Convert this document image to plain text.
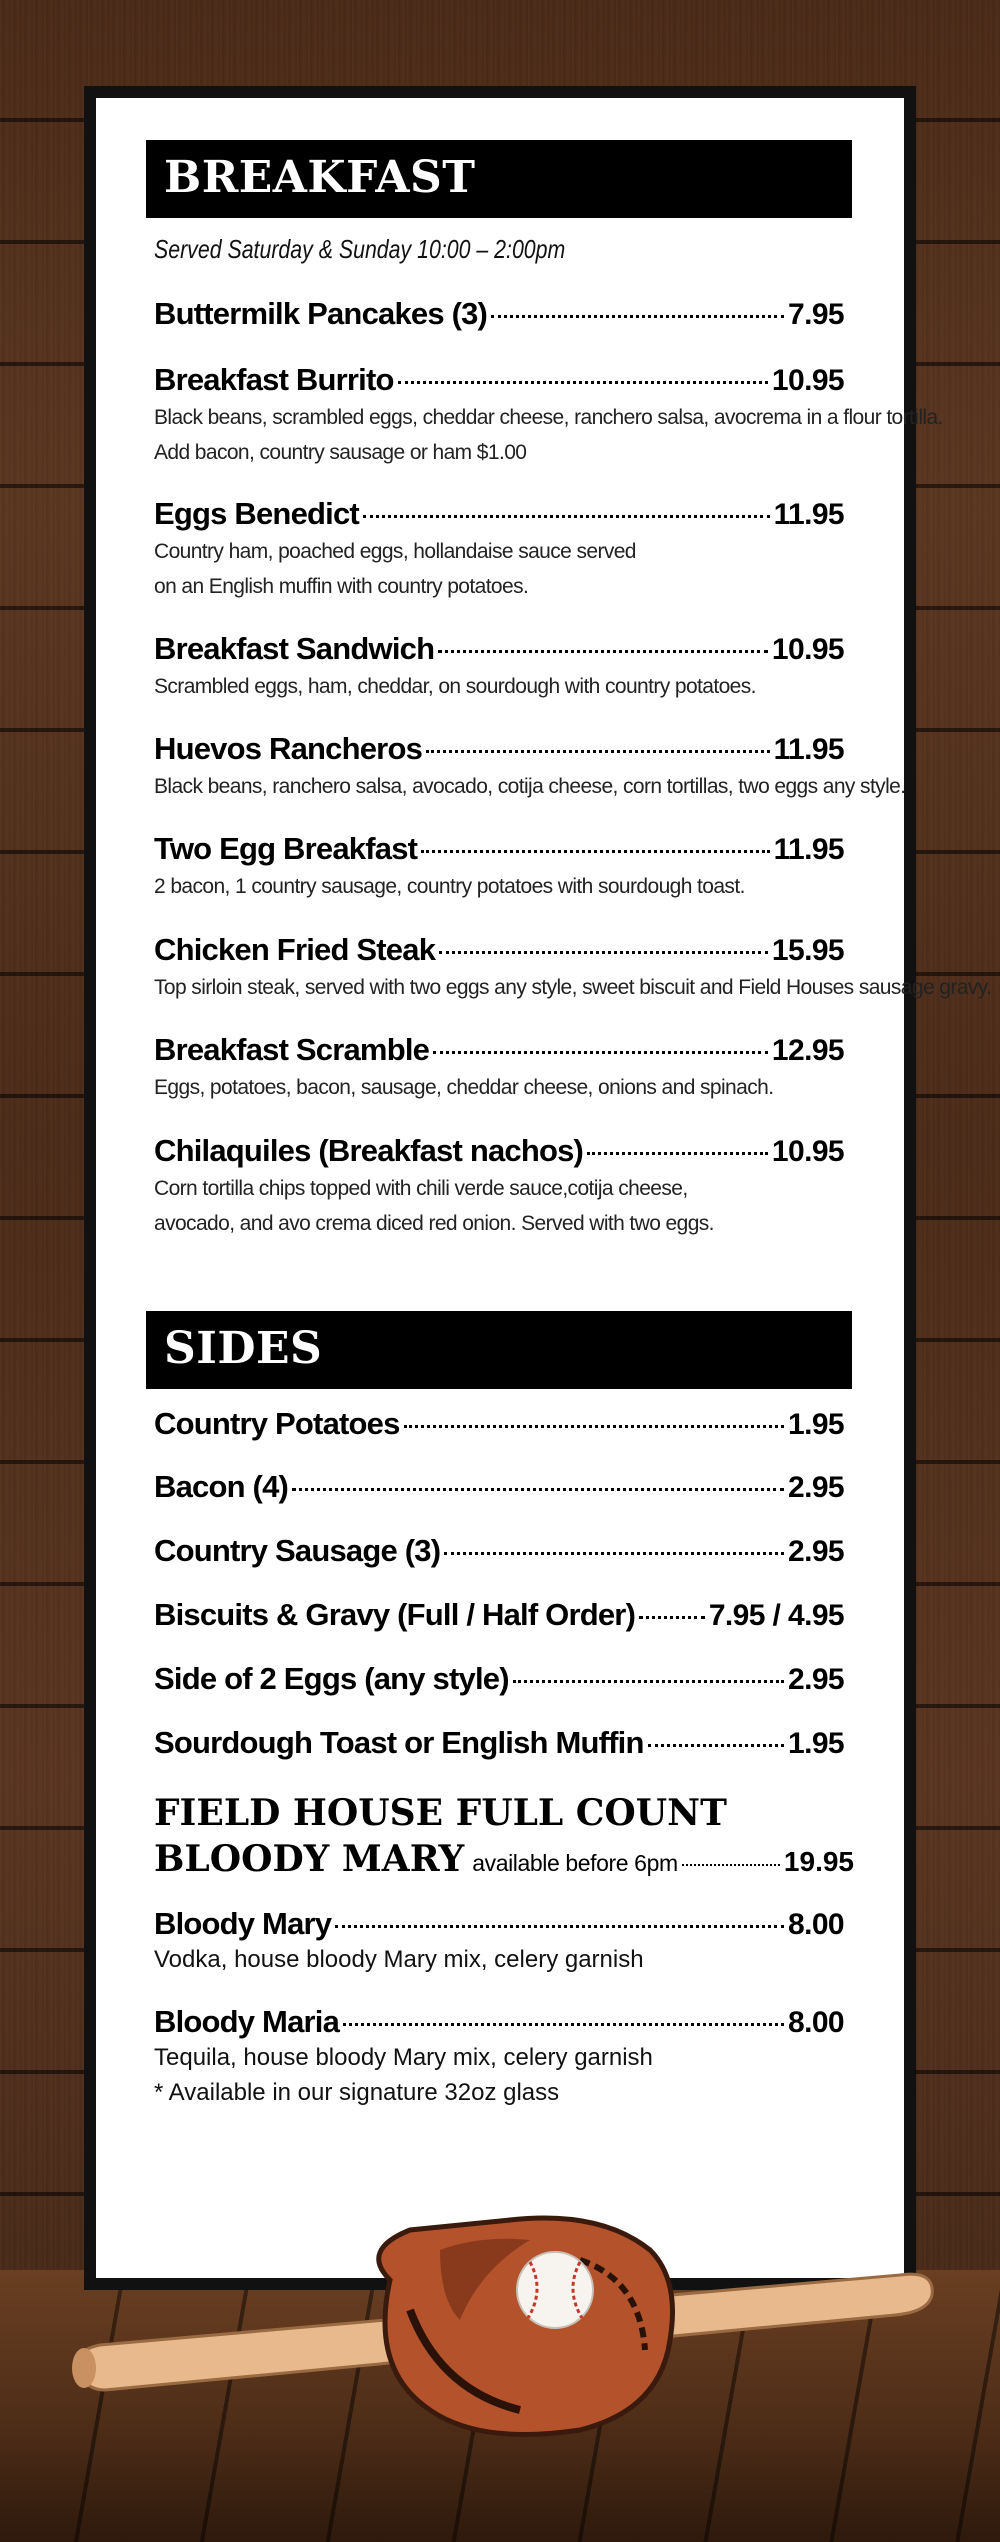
BREAKFAST
Served Saturday & Sunday 10:00 – 2:00pm
Buttermilk Pancakes (3)	7.95
Breakfast Burrito	10.95
Black beans, scrambled eggs, cheddar cheese, ranchero salsa, avocrema in a flour tortilla.
Add bacon, country sausage or ham $1.00
Eggs Benedict	11.95
Country ham, poached eggs, hollandaise sauce served
on an English muffin with country potatoes.
Breakfast Sandwich	10.95
Scrambled eggs, ham, cheddar, on sourdough with country potatoes.
Huevos Rancheros	11.95
Black beans, ranchero salsa, avocado, cotija cheese, corn tortillas, two eggs any style.
Two Egg Breakfast	11.95
2 bacon, 1 country sausage, country potatoes with sourdough toast.
Chicken Fried Steak	15.95
Top sirloin steak, served with two eggs any style, sweet biscuit and Field Houses sausage gravy.
Breakfast Scramble	12.95
Eggs, potatoes, bacon, sausage, cheddar cheese, onions and spinach.
Chilaquiles (Breakfast nachos)	10.95
Corn tortilla chips topped with chili verde sauce,cotija cheese,
avocado, and avo crema diced red onion. Served with two eggs.
SIDES
Country Potatoes	1.95
Bacon (4)	2.95
Country Sausage (3)	2.95
Biscuits & Gravy (Full / Half Order) 7.95 / 4.95
Side of 2 Eggs (any style)	2.95
Sourdough Toast or English Muffin	1.95
FIELD HOUSE FULL COUNT
BLOODY MARY available before 6pm	19.95
Bloody Mary	8.00
Vodka, house bloody Mary mix, celery garnish
Bloody Maria	8.00
Tequila, house bloody Mary mix, celery garnish
* Available in our signature 32oz glass
